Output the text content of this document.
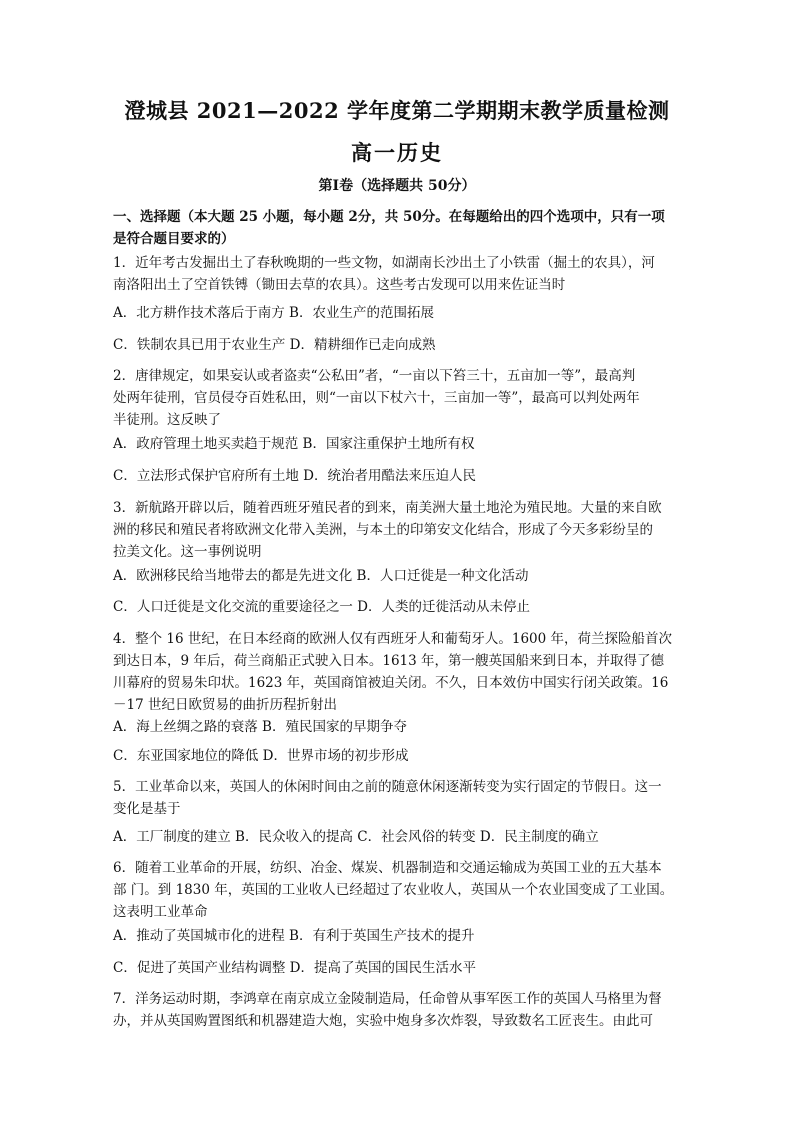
澄城县 2021—2022 学年度第二学期期末教学质量检测
高一历史
第Ⅰ卷（选择题共 50分）
一、选择题（本大题 25 小题，每小题 2分，共 50分。在每题给出的四个选项中，只有一项
是符合题目要求的）
1．近年考古发掘出土了春秋晚期的一些文物，如湖南长沙出土了小铁雷（掘土的农具），河
南洛阳出土了空首铁镈（锄田去草的农具）。这些考古发现可以用来佐证当时
A．北方耕作技术落后于南方 B．农业生产的范围拓展
C．铁制农具已用于农业生产 D．精耕细作已走向成熟
2．唐律规定，如果妄认或者盗卖“公私田”者，“一亩以下笞三十，五亩加一等”，最高判
处两年徒刑，官员侵夺百姓私田，则“一亩以下杖六十，三亩加一等”，最高可以判处两年
半徒刑。这反映了
A．政府管理土地买卖趋于规范 B．国家注重保护土地所有权
C．立法形式保护官府所有土地 D．统治者用酷法来压迫人民
3．新航路开辟以后，随着西班牙殖民者的到来，南美洲大量土地沦为殖民地。大量的来自欧
洲的移民和殖民者将欧洲文化带入美洲，与本土的印第安文化结合，形成了今天多彩纷呈的
拉美文化。这一事例说明
A．欧洲移民给当地带去的都是先进文化 B．人口迁徙是一种文化活动
C．人口迁徙是文化交流的重要途径之一 D．人类的迁徙活动从未停止
4．整个 16 世纪，在日本经商的欧洲人仅有西班牙人和葡萄牙人。1600 年，荷兰探险船首次
到达日本，9 年后，荷兰商船正式驶入日本。1613 年，第一艘英国船来到日本，并取得了德
川幕府的贸易朱印状。1623 年，英国商馆被迫关闭。不久，日本效仿中国实行闭关政策。16
－17 世纪日欧贸易的曲折历程折射出
A．海上丝绸之路的衰落 B．殖民国家的早期争夺
C．东亚国家地位的降低 D．世界市场的初步形成
5．工业革命以来，英国人的休闲时间由之前的随意休闲逐渐转变为实行固定的节假日。这一
变化是基于
A．工厂制度的建立 B．民众收入的提高 C．社会风俗的转变 D．民主制度的确立
6．随着工业革命的开展，纺织、冶金、煤炭、机器制造和交通运输成为英国工业的五大基本
部 门。到 1830 年，英国的工业收人已经超过了农业收人，英国从一个农业国变成了工业国。
这表明工业革命
A．推动了英国城市化的进程 B．有利于英国生产技术的提升
C．促进了英国产业结构调整 D．提高了英国的国民生活水平
7．洋务运动时期，李鸿章在南京成立金陵制造局，任命曾从事军医工作的英国人马格里为督
办，并从英国购置图纸和机器建造大炮，实验中炮身多次炸裂，导致数名工匠丧生。由此可
